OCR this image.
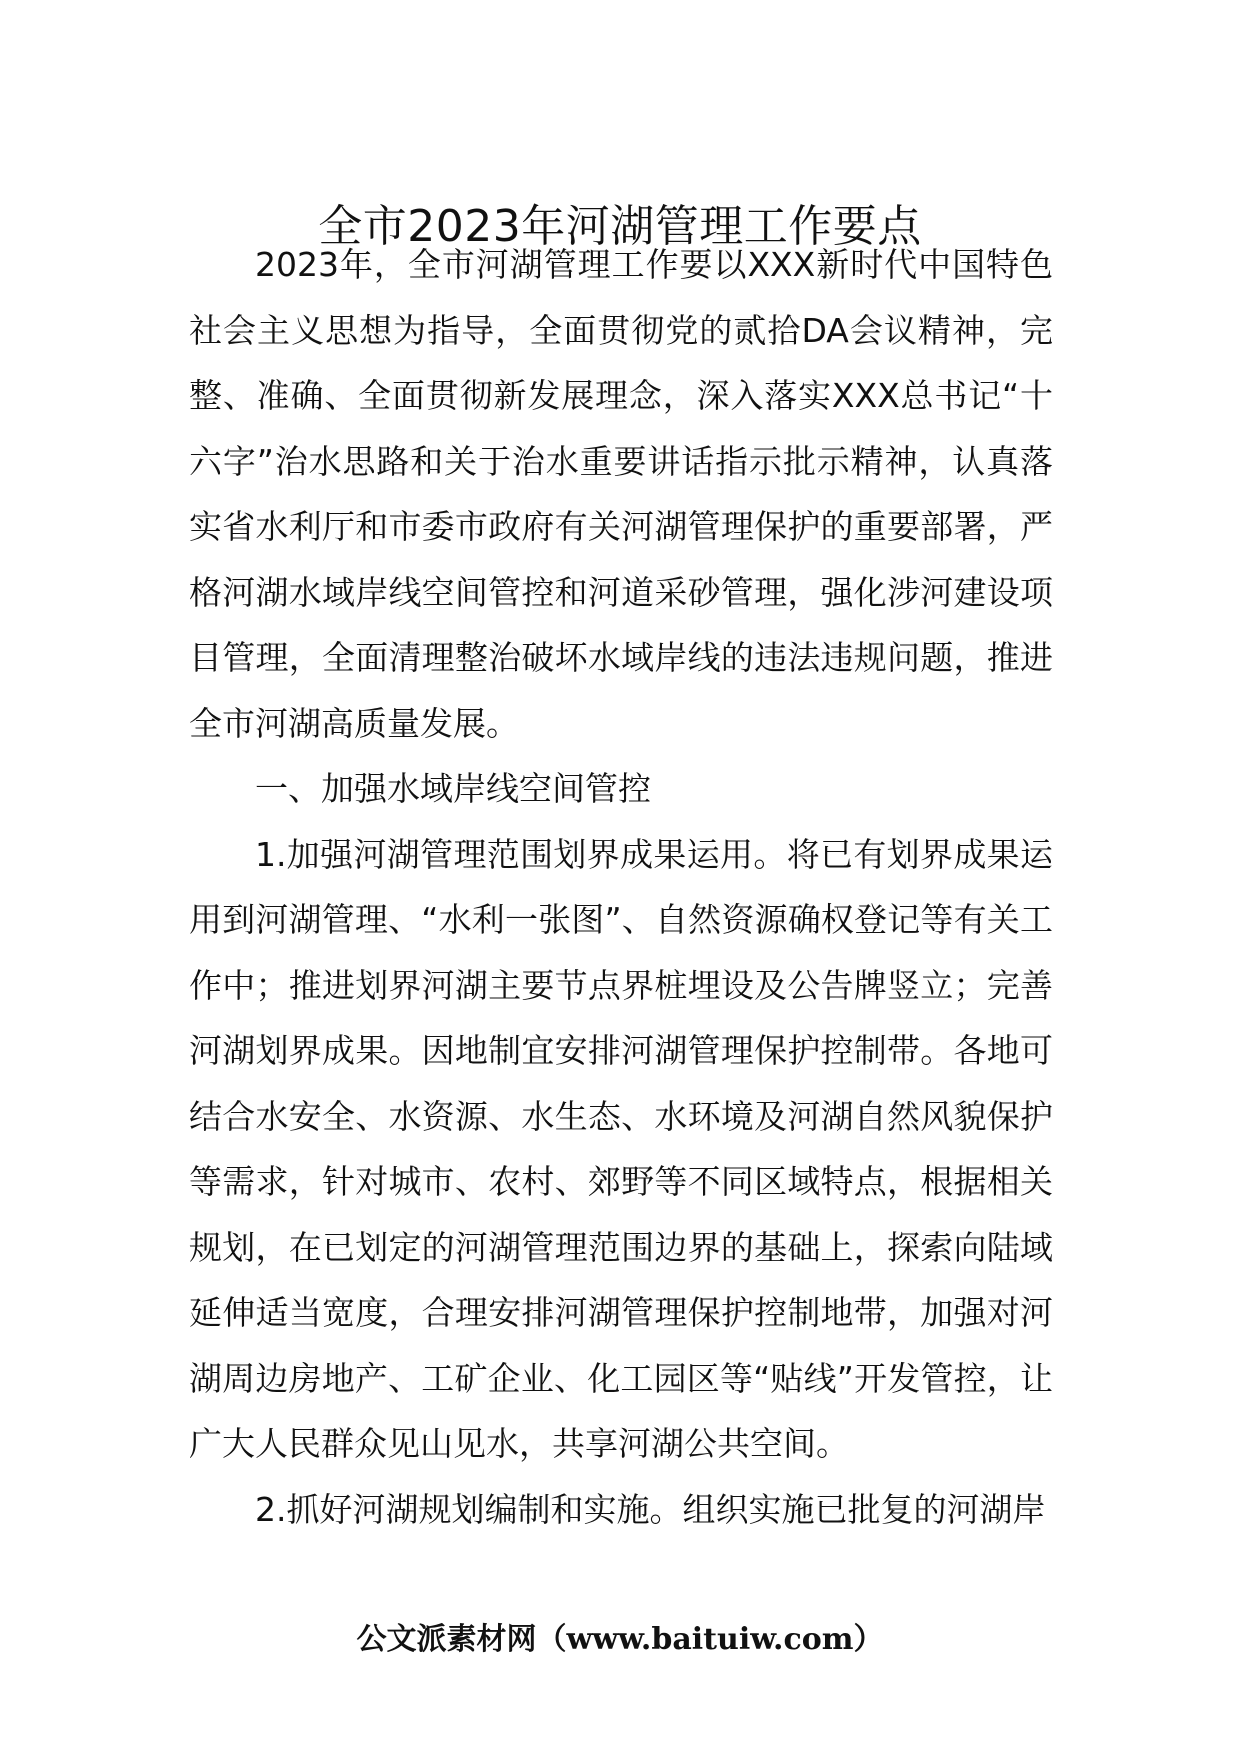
全市2023年河湖管理工作要点

2023年，全市河湖管理工作要以XXX新时代中国特色社会主义思想为指导，全面贯彻党的贰拾DA会议精神，完整、准确、全面贯彻新发展理念，深入落实XXX总书记“十六字”治水思路和关于治水重要讲话指示批示精神，认真落实省水利厅和市委市政府有关河湖管理保护的重要部署，严格河湖水域岸线空间管控和河道采砂管理，强化涉河建设项目管理，全面清理整治破坏水域岸线的违法违规问题，推进全市河湖高质量发展。

一、加强水域岸线空间管控

1.加强河湖管理范围划界成果运用。将已有划界成果运用到河湖管理、“水利一张图”、自然资源确权登记等有关工作中；推进划界河湖主要节点界桩埋设及公告牌竖立；完善河湖划界成果。因地制宜安排河湖管理保护控制带。各地可结合水安全、水资源、水生态、水环境及河湖自然风貌保护等需求，针对城市、农村、郊野等不同区域特点，根据相关规划，在已划定的河湖管理范围边界的基础上，探索向陆域延伸适当宽度，合理安排河湖管理保护控制地带，加强对河湖周边房地产、工矿企业、化工园区等“贴线”开发管控，让广大人民群众见山见水，共享河湖公共空间。

2.抓好河湖规划编制和实施。组织实施已批复的河湖岸

公文派素材网（www.baituiw.com）
